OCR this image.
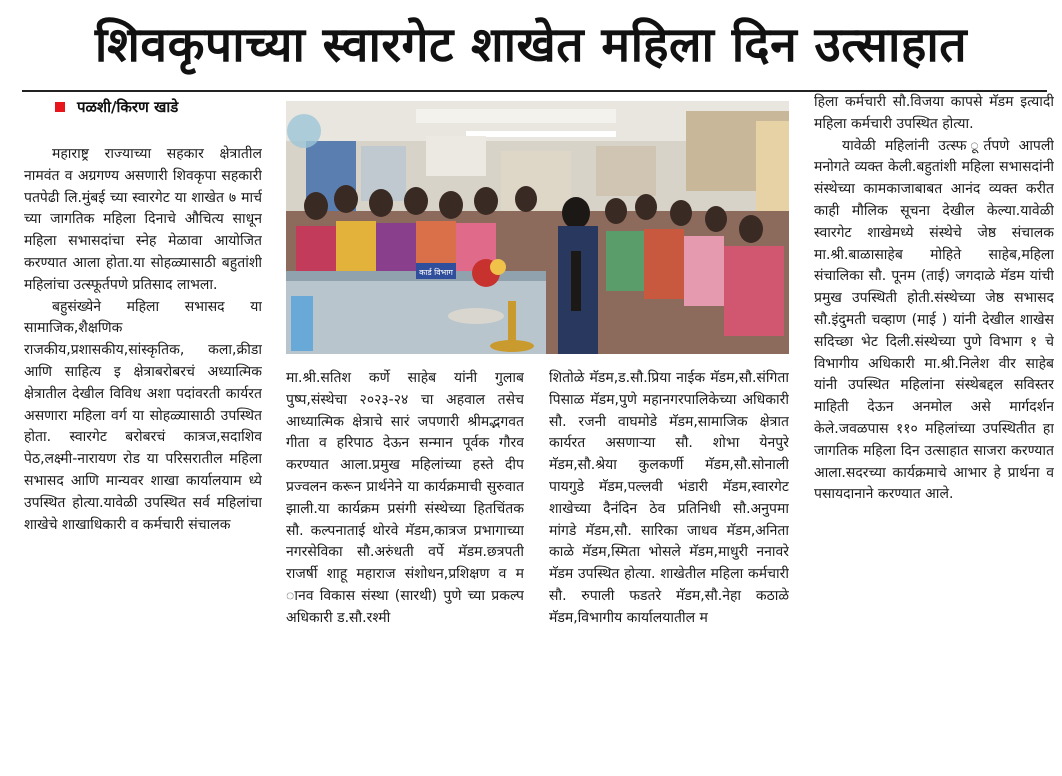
शिवकृपाच्या स्वारगेट शाखेत महिला दिन उत्साहात
पळशी/किरण खाडे

महाराष्ट्र राज्याच्या सहकार क्षेत्रातील नामवंत व अग्रगण्य असणारी शिवकृपा सहकारी पतपेढी लि.मुंबई च्या स्वारगेट या शाखेत ७ मार्च च्या जागतिक महिला दिनाचे औचित्य साधून महिला सभासदांचा स्नेह मेळावा आयोजित करण्यात आला होता.या सोहळ्यासाठी बहुतांशी महिलांचा उत्स्फूर्तपणे प्रतिसाद लाभला.

बहुसंख्येने महिला सभासद या सामाजिक,शैक्षणिक राजकीय,प्रशासकीय,सांस्कृतिक, कला,क्रीडा आणि साहित्य इ क्षेत्राबरोबरचं अध्यात्मिक क्षेत्रातील देखील विविध अशा पदांवरती कार्यरत असणारा महिला वर्ग या सोहळ्यासाठी उपस्थित होता. स्वारगेट बरोबरचं कात्रज,सदाशिव पेठ,लक्ष्मी-नारायण रोड या परिसरातील महिला सभासद आणि मान्यवर शाखा कार्यालयाम ध्ये उपस्थित होत्या.यावेळी उपस्थित सर्व महिलांचा शाखेचे शाखाधिकारी व कर्मचारी संचालक

कार्ड विभाग

मा.श्री.सतिश कर्णे साहेब यांनी गुलाब पुष्प,संस्थेचा २०२३-२४ चा अहवाल तसेच आध्यात्मिक क्षेत्राचे सारं जपणारी श्रीमद्भगवत गीता व हरिपाठ देऊन सन्मान पूर्वक गौरव करण्यात आला.प्रमुख महिलांच्या हस्ते दीप प्रज्वलन करून प्रार्थनेने या कार्यक्रमाची सुरुवात झाली.या कार्यक्रम प्रसंगी संस्थेच्या हितचिंतक सौ. कल्पनाताई थोरवे मॅडम,कात्रज प्रभागाच्या नगरसेविका सौ.अरुंधती वर्पे मॅडम.छत्रपती राजर्षी शाहू महाराज संशोधन,प्रशिक्षण व म ानव विकास संस्था (सारथी) पुणे च्या प्रकल्प अधिकारी ड.सौ.रश्मी

शितोळे मॅडम,ड.सौ.प्रिया नाईक मॅडम,सौ.संगिता पिसाळ मॅडम,पुणे महानगरपालिकेच्या अधिकारी सौ. रजनी वाघमोडे मॅडम,सामाजिक क्षेत्रात कार्यरत असणाऱ्या सौ. शोभा येनपुरे मॅडम,सौ.श्रेया कुलकर्णी मॅडम,सौ.सोनाली पायगुडे मॅडम,पल्लवी भंडारी मॅडम,स्वारगेट शाखेच्या दैनंदिन ठेव प्रतिनिधी सौ.अनुपमा मांगडे मॅडम,सौ. सारिका जाधव मॅडम,अनिता काळे मॅडम,स्मिता भोसले मॅडम,माधुरी ननावरे मॅडम उपस्थित होत्या. शाखेतील महिला कर्मचारी सौ. रुपाली फडतरे मॅडम,सौ.नेहा कठाळे मॅडम,विभागीय कार्यालयातील म

हिला कर्मचारी सौ.विजया कापसे मॅडम इत्यादी महिला कर्मचारी उपस्थित होत्या.

यावेळी महिलांनी उत्स्फ ूर्तपणे आपली मनोगते व्यक्त केली.बहुतांशी महिला सभासदांनी संस्थेच्या कामकाजाबाबत आनंद व्यक्त करीत काही मौलिक सूचना देखील केल्या.यावेळी स्वारगेट शाखेमध्ये संस्थेचे जेष्ठ संचालक मा.श्री.बाळासाहेब मोहिते साहेब,महिला संचालिका सौ. पूनम (ताई) जगदाळे मॅडम यांची प्रमुख उपस्थिती होती.संस्थेच्या जेष्ठ सभासद सौ.इंदुमती चव्हाण (माई ) यांनी देखील शाखेस सदिच्छा भेट दिली.संस्थेच्या पुणे विभाग १ चे विभागीय अधिकारी मा.श्री.निलेश वीर साहेब यांनी उपस्थित महिलांना संस्थेबद्दल सविस्तर माहिती देऊन अनमोल असे मार्गदर्शन केले.जवळपास ११० महिलांच्या उपस्थितीत हा जागतिक महिला दिन उत्साहात साजरा करण्यात आला.सदरच्या कार्यक्रमाचे आभार हे प्रार्थना व पसायदानाने करण्यात आले.
